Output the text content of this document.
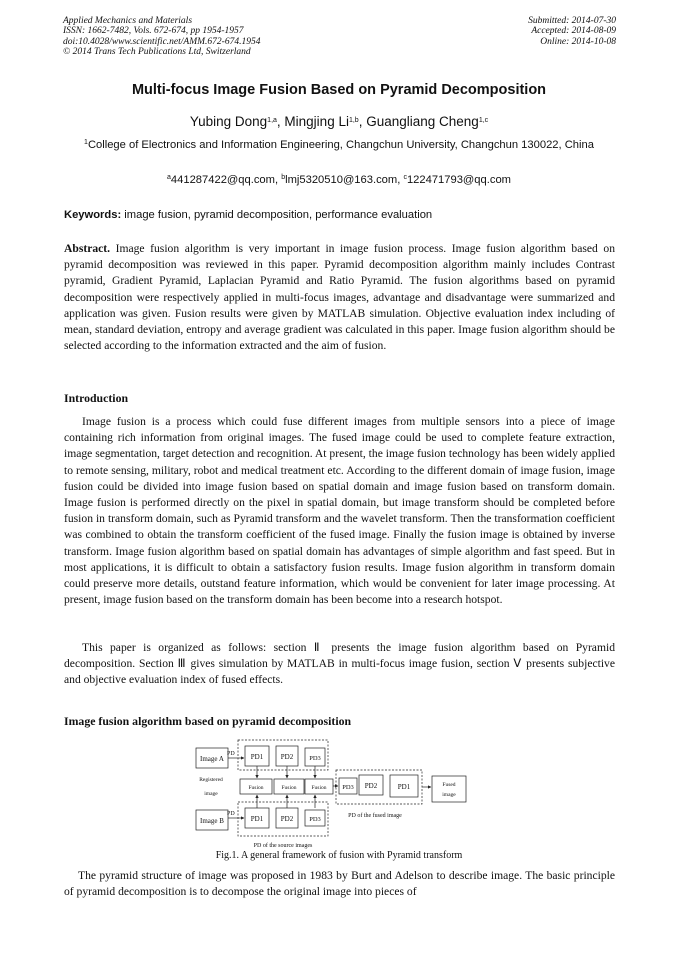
Applied Mechanics and Materials
ISSN: 1662-7482, Vols. 672-674, pp 1954-1957
doi:10.4028/www.scientific.net/AMM.672-674.1954
© 2014 Trans Tech Publications Ltd, Switzerland
Submitted: 2014-07-30
Accepted: 2014-08-09
Online: 2014-10-08
Multi-focus Image Fusion Based on Pyramid Decomposition
Yubing Dong$^{1,a}$, Mingjing Li$^{1,b}$, Guangliang Cheng$^{1,c}$
$^1$College of Electronics and Information Engineering, Changchun University, Changchun 130022, China
$^a$441287422@qq.com, $^b$lmj5320510@163.com, $^c$122471793@qq.com
Keywords: image fusion, pyramid decomposition, performance evaluation

Abstract. Image fusion algorithm is very important in image fusion process. Image fusion algorithm based on pyramid decomposition was reviewed in this paper. Pyramid decomposition algorithm mainly includes Contrast pyramid, Gradient Pyramid, Laplacian Pyramid and Ratio Pyramid. The fusion algorithms based on pyramid decomposition were respectively applied in multi-focus images, advantage and disadvantage were summarized and application was given. Fusion results were given by MATLAB simulation. Objective evaluation index including of mean, standard deviation, entropy and average gradient was calculated in this paper. Image fusion algorithm should be selected according to the information extracted and the aim of fusion.

Introduction

Image fusion is a process which could fuse different images from multiple sensors into a piece of image containing rich information from original images. The fused image could be used to complete feature extraction, image segmentation, target detection and recognition. At present, the image fusion technology has been widely applied to remote sensing, military, robot and medical treatment etc. According to the different domain of image fusion, image fusion could be divided into image fusion based on spatial domain and image fusion based on transform domain. Image fusion is performed directly on the pixel in spatial domain, but image transform should be completed before fusion in transform domain, such as Pyramid transform and the wavelet transform. Then the transformation coefficient was combined to obtain the transform coefficient of the fused image. Finally the fusion image is obtained by inverse transform. Image fusion algorithm based on spatial domain has advantages of simple algorithm and fast speed. But in most applications, it is difficult to obtain a satisfactory fusion results. Image fusion algorithm in transform domain could preserve more details, outstand feature information, which would be convenient for later image processing. At present, image fusion based on the transform domain has been become into a research hotspot.

This paper is organized as follows: section Ⅱ presents the image fusion algorithm based on Pyramid decomposition. Section Ⅲ gives simulation by MATLAB in multi-focus image fusion, section Ⅴ presents subjective and objective evaluation index of fused effects.

Image fusion algorithm based on pyramid decomposition
Image A
PD PD1	PD2 PD3
Registered
image
Fusion	Fusion	Fusion PD3 PD2	PD1
PD of the fused image
Fused
image
Image B
PD
PD1	PD2 PD3
PD of the source images
Fig.1. A general framework of fusion with Pyramid transform

The pyramid structure of image was proposed in 1983 by Burt and Adelson to describe image. The basic principle of pyramid decomposition is to decompose the original image into pieces of
